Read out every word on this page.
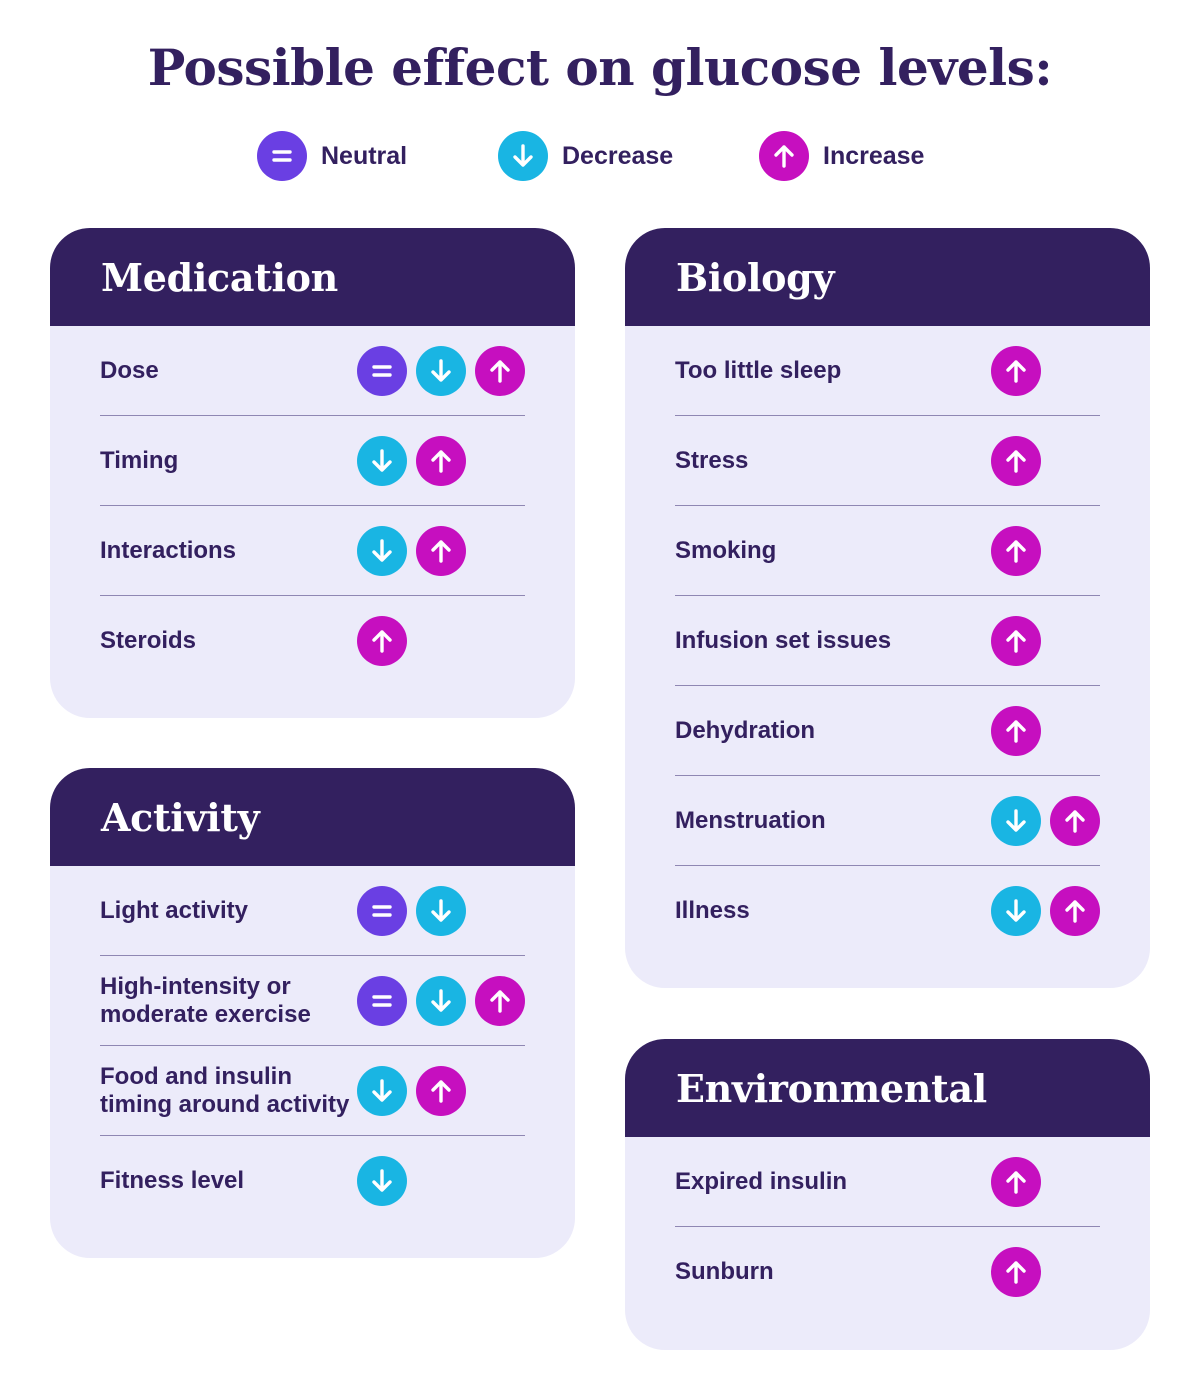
Possible effect on glucose levels:
Neutral	Decrease	Increase
Medication
Dose
Timing
Interactions
Steroids
Activity
Light activity
High-intensity or
moderate exercise
Food and insulin
timing around activity
Fitness level
Biology
Too little sleep
Stress
Smoking
Infusion set issues
Dehydration
Menstruation
Illness
Environmental
Expired insulin
Sunburn
